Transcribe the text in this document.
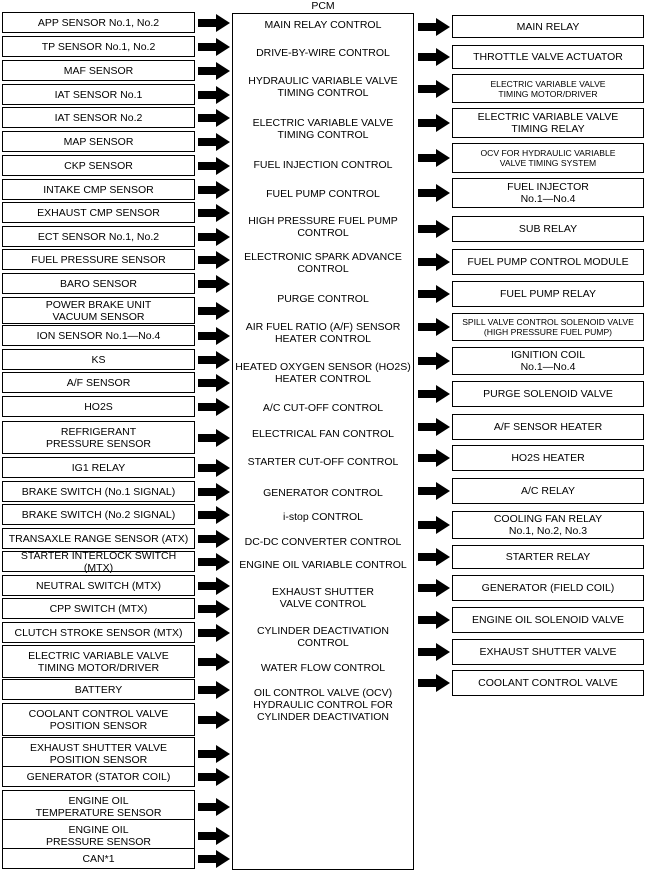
PCM
APP SENSOR No.1, No.2
TP SENSOR No.1, No.2
MAF SENSOR
IAT SENSOR No.1
IAT SENSOR No.2
MAP SENSOR
CKP SENSOR
INTAKE CMP SENSOR
EXHAUST CMP SENSOR
ECT SENSOR No.1, No.2
FUEL PRESSURE SENSOR
BARO SENSOR
POWER BRAKE UNIT
VACUUM SENSOR
ION SENSOR No.1—No.4
KS
A/F SENSOR
HO2S
REFRIGERANT
PRESSURE SENSOR
IG1 RELAY
BRAKE SWITCH (No.1 SIGNAL)
BRAKE SWITCH (No.2 SIGNAL)
TRANSAXLE RANGE SENSOR (ATX)
STARTER INTERLOCK SWITCH (MTX)
NEUTRAL SWITCH (MTX)
CPP SWITCH (MTX)
CLUTCH STROKE SENSOR (MTX)
ELECTRIC VARIABLE VALVE
TIMING MOTOR/DRIVER
BATTERY
COOLANT CONTROL VALVE
POSITION SENSOR
EXHAUST SHUTTER VALVE
POSITION SENSOR
GENERATOR (STATOR COIL)
ENGINE OIL
TEMPERATURE SENSOR
ENGINE OIL
PRESSURE SENSOR
CAN*1
MAIN RELAY
THROTTLE VALVE ACTUATOR
ELECTRIC VARIABLE VALVE
TIMING MOTOR/DRIVER
ELECTRIC VARIABLE VALVE
TIMING RELAY
OCV FOR HYDRAULIC VARIABLE
VALVE TIMING SYSTEM
FUEL INJECTOR
No.1—No.4
SUB RELAY
FUEL PUMP CONTROL MODULE
FUEL PUMP RELAY
SPILL VALVE CONTROL SOLENOID VALVE
(HIGH PRESSURE FUEL PUMP)
IGNITION COIL
No.1—No.4
PURGE SOLENOID VALVE
A/F SENSOR HEATER
HO2S HEATER
A/C RELAY
COOLING FAN RELAY
No.1, No.2, No.3
STARTER RELAY
GENERATOR (FIELD COIL)
ENGINE OIL SOLENOID VALVE
EXHAUST SHUTTER VALVE
COOLANT CONTROL VALVE
MAIN RELAY CONTROL
DRIVE-BY-WIRE CONTROL
HYDRAULIC VARIABLE VALVE
TIMING CONTROL
ELECTRIC VARIABLE VALVE
TIMING CONTROL
FUEL INJECTION CONTROL
FUEL PUMP CONTROL
HIGH PRESSURE FUEL PUMP
CONTROL
ELECTRONIC SPARK ADVANCE
CONTROL
PURGE CONTROL
AIR FUEL RATIO (A/F) SENSOR
HEATER CONTROL
HEATED OXYGEN SENSOR (HO2S)
HEATER CONTROL
A/C CUT-OFF CONTROL
ELECTRICAL FAN CONTROL
STARTER CUT-OFF CONTROL
GENERATOR CONTROL
i-stop CONTROL
DC-DC CONVERTER CONTROL
ENGINE OIL VARIABLE CONTROL
EXHAUST SHUTTER
VALVE CONTROL
CYLINDER DEACTIVATION
CONTROL
WATER FLOW CONTROL
OIL CONTROL VALVE (OCV)
HYDRAULIC CONTROL FOR
CYLINDER DEACTIVATION
